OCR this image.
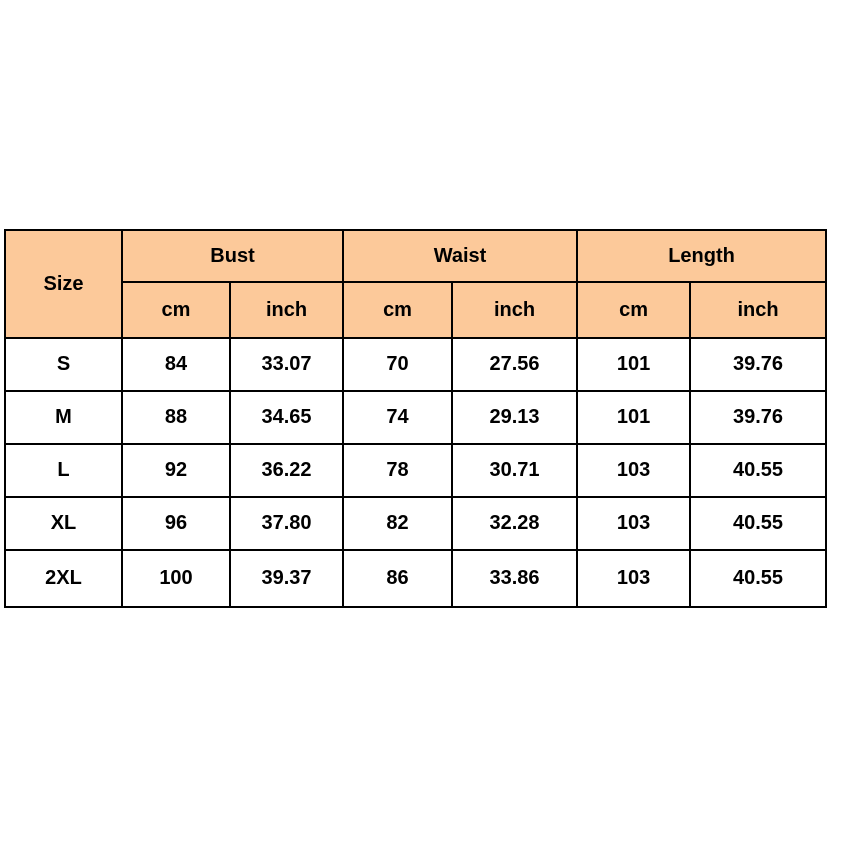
Size	Bust		Waist		Length	
	cm	inch	cm	inch	cm	inch
S	84	33.07	70	27.56	101	39.76
M	88	34.65	74	29.13	101	39.76
L	92	36.22	78	30.71	103	40.55
XL	96	37.80	82	32.28	103	40.55
2XL	100	39.37	86	33.86	103	40.55
